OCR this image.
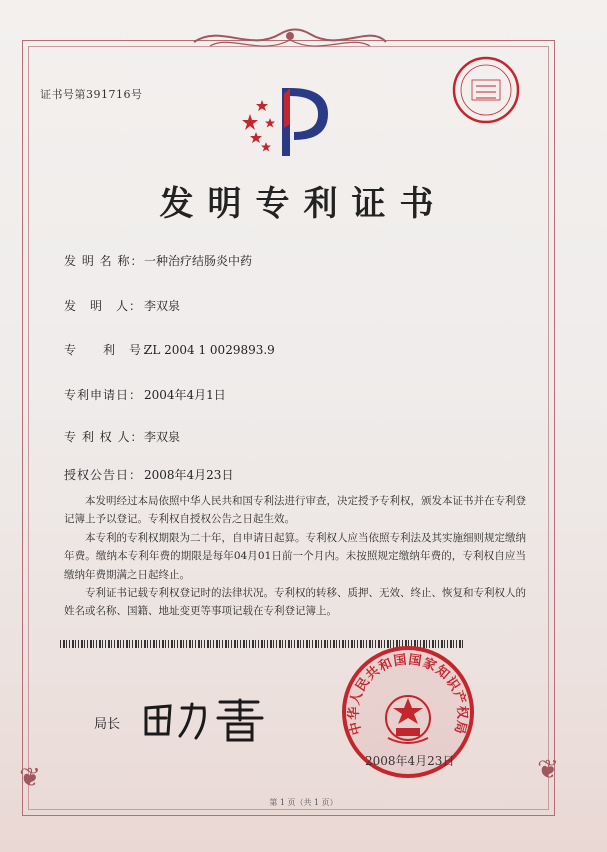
❦	❦
证书号第391716号
发明专利证书
发 明 名 称：一种治疗结肠炎中药
发　明　人： 李双泉
专　　利　号：ZL 2004 1 0029893.9
专利申请日： 2004年4月1日
专 利 权 人：李双泉
授权公告日： 2008年4月23日

本发明经过本局依照中华人民共和国专利法进行审查，决定授予专利权，颁发本证书并在专利登记簿上予以登记。专利权自授权公告之日起生效。

本专利的专利权期限为二十年，自申请日起算。专利权人应当依照专利法及其实施细则规定缴纳年费。缴纳本专利年费的期限是每年04月01日前一个月内。未按照规定缴纳年费的，专利权自应当缴纳年费期满之日起终止。

专利证书记载专利权登记时的法律状况。专利权的转移、质押、无效、终止、恢复和专利权人的姓名或名称、国籍、地址变更等事项记载在专利登记簿上。

中华人民共和国国家知识产权局
局长
2008年4月23日
第 1 页（共 1 页）
